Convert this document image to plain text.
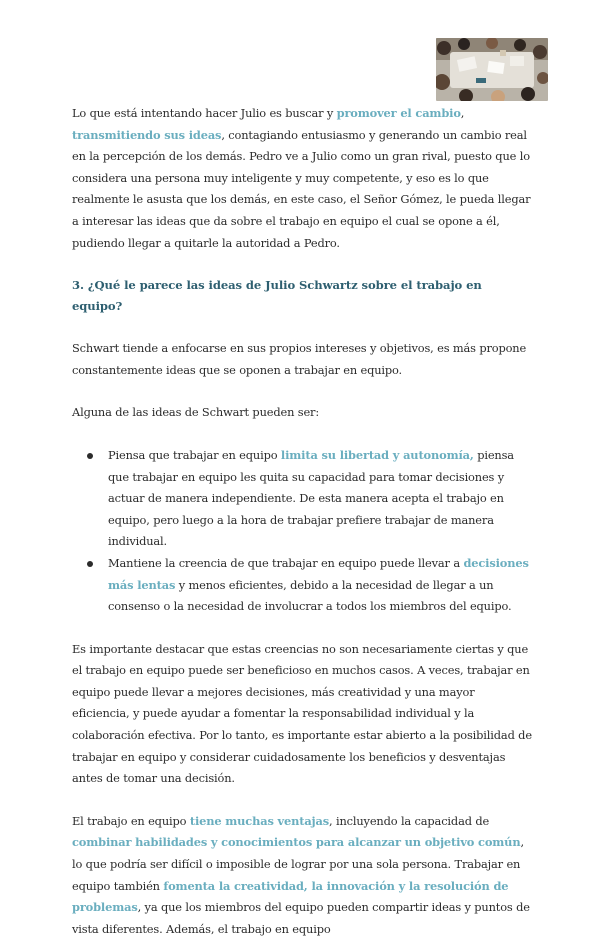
Lo que está intentando hacer Julio es buscar y promover el cambio, transmitiendo sus ideas, contagiando entusiasmo y generando un cambio real en la percepción de los demás. Pedro ve a Julio como un gran rival, puesto que lo considera una persona muy inteligente y muy competente, y eso es lo que realmente le asusta que los demás, en este caso, el Señor Gómez, le pueda llegar a interesar las ideas que da sobre el trabajo en equipo el cual se opone a él, pudiendo llegar a quitarle la autoridad a Pedro.

3. ¿Qué le parece las ideas de Julio Schwartz sobre el trabajo en equipo?

Schwart tiende a enfocarse en sus propios intereses y objetivos, es más propone constantemente ideas que se oponen a trabajar en equipo.

Alguna de las ideas de Schwart pueden ser:

Piensa que trabajar en equipo limita su libertad y autonomía, piensa que trabajar en equipo les quita su capacidad para tomar decisiones y actuar de manera independiente. De esta manera acepta el trabajo en equipo, pero luego a la hora de trabajar prefiere trabajar de manera individual.
Mantiene la creencia de que trabajar en equipo puede llevar a decisiones más lentas y menos eficientes, debido a la necesidad de llegar a un consenso o la necesidad de involucrar a todos los miembros del equipo.

Es importante destacar que estas creencias no son necesariamente ciertas y que el trabajo en equipo puede ser beneficioso en muchos casos. A veces, trabajar en equipo puede llevar a mejores decisiones, más creatividad y una mayor eficiencia, y puede ayudar a fomentar la responsabilidad individual y la colaboración efectiva. Por lo tanto, es importante estar abierto a la posibilidad de trabajar en equipo y considerar cuidadosamente los beneficios y desventajas antes de tomar una decisión.

El trabajo en equipo tiene muchas ventajas, incluyendo la capacidad de combinar habilidades y conocimientos para alcanzar un objetivo común, lo que podría ser difícil o imposible de lograr por una sola persona. Trabajar en equipo también fomenta la creatividad, la innovación y la resolución de problemas, ya que los miembros del equipo pueden compartir ideas y puntos de vista diferentes. Además, el trabajo en equipo
